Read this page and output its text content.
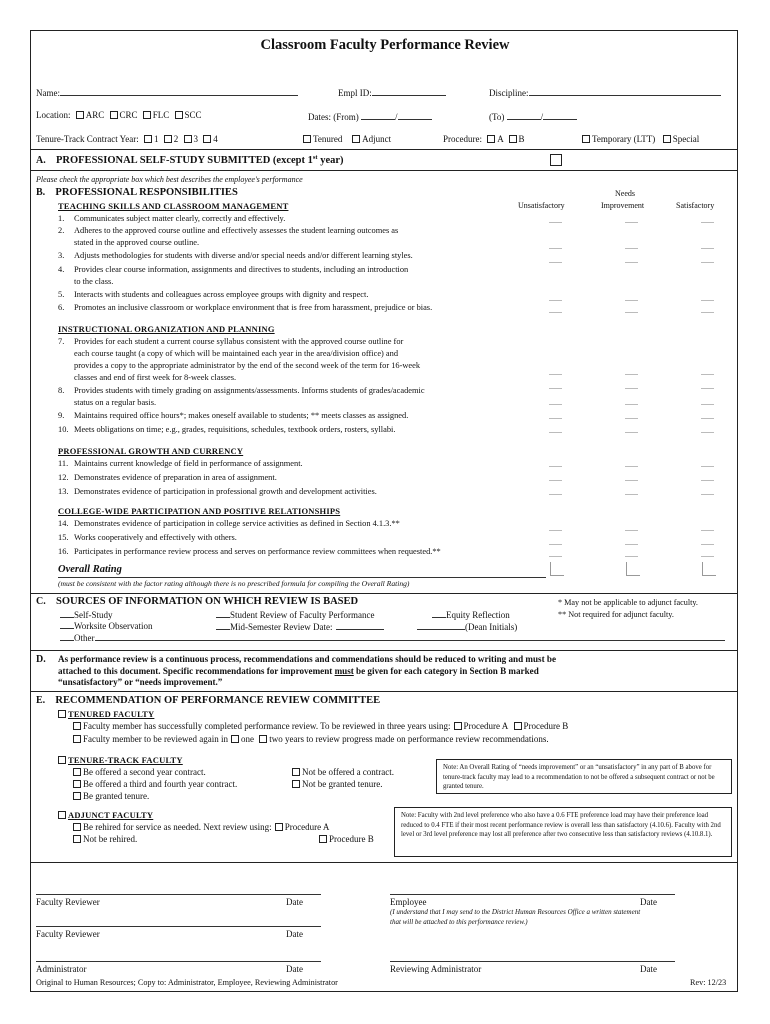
Classroom Faculty Performance Review
Name:	Empl ID:	Discipline:
Location: ARC CRC FLC SCC	Dates: (From)	/	(To)	/
Tenure-Track Contract Year: 1 2 3 4	Tenured Adjunct	Procedure: A B	Temporary (LTT) Special
A. PROFESSIONAL SELF-STUDY SUBMITTED (except 1st year)
Please check the appropriate box which best describes the employee's performance
B. PROFESSIONAL RESPONSIBILITIES	Needs
Unsatisfactory	Improvement	Satisfactory
TEACHING SKILLS AND CLASSROOM MANAGEMENT
1. Communicates subject matter clearly, correctly and effectively.
2. Adheres to the approved course outline and effectively assesses the student learning outcomes as
stated in the approved course outline.
3. Adjusts methodologies for students with diverse and/or special needs and/or different learning styles.
4. Provides clear course information, assignments and directives to students, including an introduction
to the class.
5. Interacts with students and colleagues across employee groups with dignity and respect.
6. Promotes an inclusive classroom or workplace environment that is free from harassment, prejudice or bias.
INSTRUCTIONAL ORGANIZATION AND PLANNING
7. Provides for each student a current course syllabus consistent with the approved course outline for
each course taught (a copy of which will be maintained each year in the area/division office) and
provides a copy to the appropriate administrator by the end of the second week of the term for 16-week
classes and end of first week for 8-week classes.
8. Provides students with timely grading on assignments/assessments. Informs students of grades/academic
status on a regular basis.
9. Maintains required office hours*; makes oneself available to students; ** meets classes as assigned.
10. Meets obligations on time; e.g., grades, requisitions, schedules, textbook orders, rosters, syllabi.
PROFESSIONAL GROWTH AND CURRENCY
11. Maintains current knowledge of field in performance of assignment.
12. Demonstrates evidence of preparation in area of assignment.
13. Demonstrates evidence of participation in professional growth and development activities.
COLLEGE-WIDE PARTICIPATION AND POSITIVE RELATIONSHIPS
14. Demonstrates evidence of participation in college service activities as defined in Section 4.1.3.**
15. Works cooperatively and effectively with others.
16. Participates in performance review process and serves on performance review committees when requested.**
Overall Rating
(must be consistent with the factor rating although there is no prescribed formula for compiling the Overall Rating)
C. SOURCES OF INFORMATION ON WHICH REVIEW IS BASED	* May not be applicable to adjunct faculty.
** Not required for adjunct faculty.
Self-Study
Worksite Observation
Other
Student Review of Faculty Performance
Mid-Semester Review Date:
Equity Reflection
(Dean Initials)
D. As performance review is a continuous process, recommendations and commendations should be reduced to writing and must be
attached to this document. Specific recommendations for improvement must be given for each category in Section B marked
“unsatisfactory” or “needs improvement.”
E. RECOMMENDATION OF PERFORMANCE REVIEW COMMITTEE
TENURED FACULTY
Faculty member has successfully completed performance review. To be reviewed in three years using: Procedure A Procedure B
Faculty member to be reviewed again in one two years to review progress made on performance review recommendations.
TENURE-TRACK FACULTY
Be offered a second year contract.
Be offered a third and fourth year contract.
Be granted tenure.
Not be offered a contract.
Not be granted tenure.
Note: An Overall Rating of “needs improvement” or an “unsatisfactory” in any part of B above for tenure-track faculty may lead to a recommendation to not be offered a subsequent contract or not be granted tenure.
ADJUNCT FACULTY
Be rehired for service as needed. Next review using: Procedure A
Not be rehired.	Procedure B
Note: Faculty with 2nd level preference who also have a 0.6 FTE preference load may have their preference load reduced to 0.4 FTE if their most recent performance review is overall less than satisfactory (4.10.6). Faculty with 2nd level or 3rd level preference may lost all preference after two consecutive less than satisfactory reviews (4.10.8.1).
Faculty Reviewer	Date	Employee	Date
(I understand that I may send to the District Human Resources Office a written statement
that will be attached to this performance review.)
Faculty Reviewer	Date
Administrator	Date	Reviewing Administrator	Date
Original to Human Resources; Copy to: Administrator, Employee, Reviewing Administrator	Rev: 12/23
